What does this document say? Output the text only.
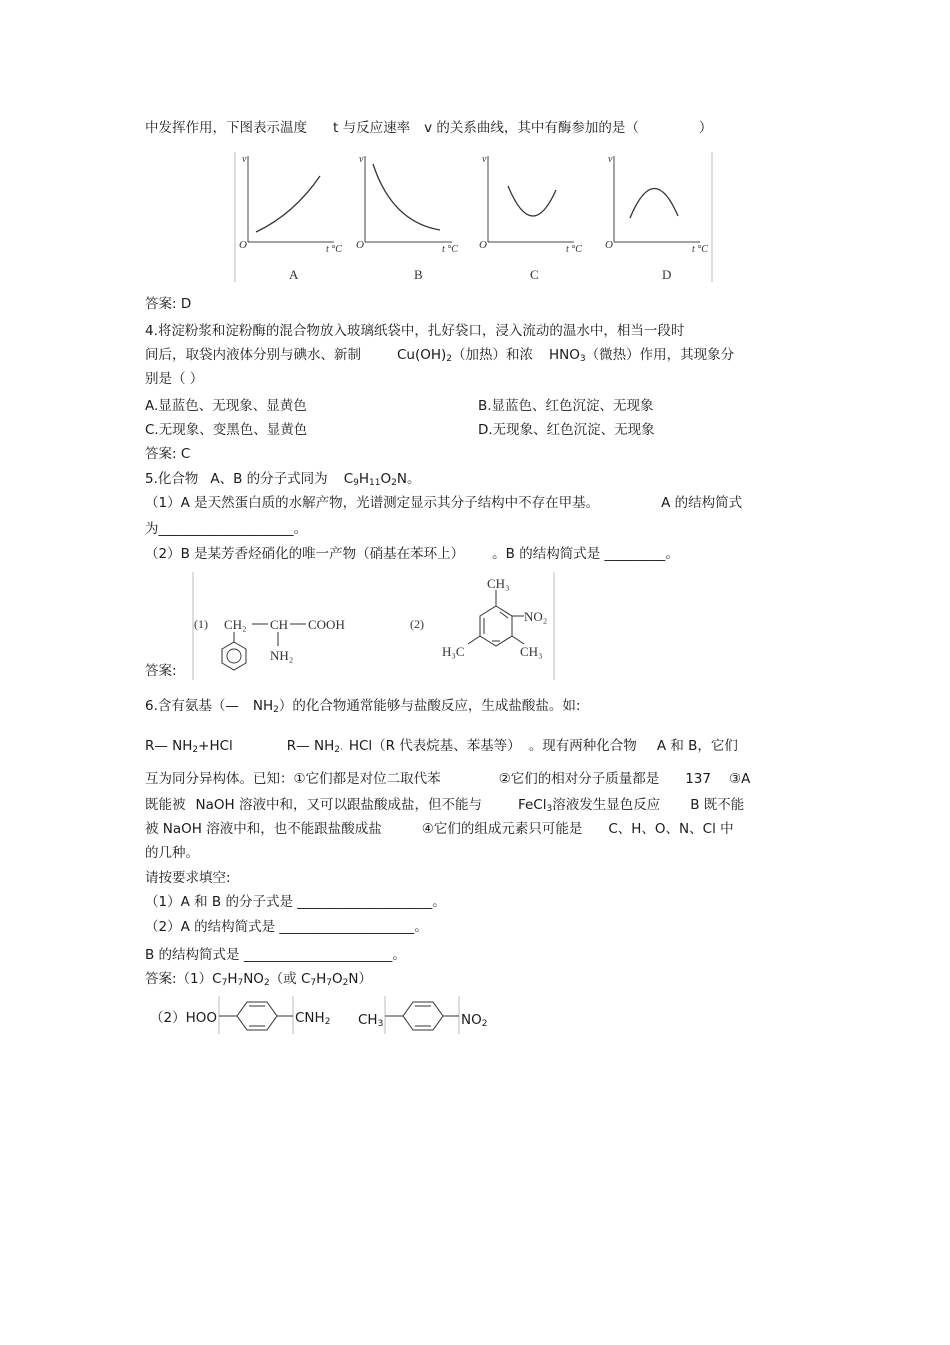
中发挥作用，下图表示温度 t 与反应速率 v 的关系曲线，其中有酶参加的是（	）
O
v
t °C
A
O
v
t °C
B
O
v
t °C
C
O
v
t °C
D
答案: D
4.将淀粉浆和淀粉酶的混合物放入玻璃纸袋中，扎好袋口，浸入流动的温水中，相当一段时
间后，取袋内液体分别与碘水、新制	$Cu(OH)_2$（加热）和浓 $HNO_3$（微热）作用，其现象分
别是（ ）
A.显蓝色、无现象、显黄色	B.显蓝色、红色沉淀、无现象
C.无现象、变黑色、显黄色	D.无现象、红色沉淀、无现象
答案: C
5.化合物 A、B 的分子式同为 $C_9H_{11}O_2N$。
（1）A 是天然蛋白质的水解产物，光谱测定显示其分子结构中不存在甲基。	A 的结构简式
为____________________。
（2）B 是某芳香烃硝化的唯一产物（硝基在苯环上） 。B 的结构简式是 _________。
答案:
(1) CH₂ CH COOH
NH₂
(2)
CH₃
NO₂
H₃C	CH₃
6.含有氨基（— $NH_2$）的化合物通常能够与盐酸反应，生成盐酸盐。如:
R— $NH_2+HCl$	R— $NH_{2\cdot}$ HCl（R 代表烷基、苯基等） 。现有两种化合物 A 和 B，它们
互为同分异构体。已知：①它们都是对位二取代苯	②它们的相对分子质量都是 137 ③A
既能被 NaOH 溶液中和，又可以跟盐酸成盐，但不能与	FeCl$_3$溶液发生显色反应 B 既不能
被 NaOH 溶液中和，也不能跟盐酸成盐	④它们的组成元素只可能是 C、H、O、N、Cl 中
的几种。
请按要求填空:
（1）A 和 B 的分子式是 ____________________。
（2）A 的结构简式是 ____________________。
B 的结构简式是 ______________________。
答案$:(1)C_7H_7NO_2$（或 $C_7H_7O_2N$）
（2）HOO	$CNH_2$ $CH_3$	$NO_2$
